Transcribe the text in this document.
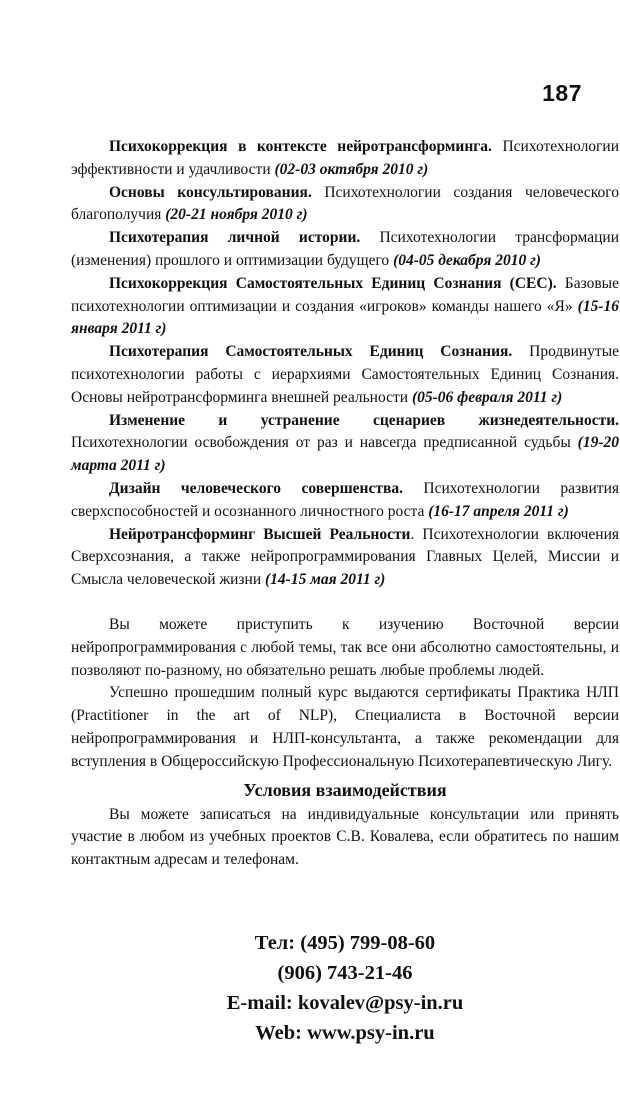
187

Психокоррекция в контексте нейротрансформинга. Психотехнологии эффективности и удачливости (02-03 октября 2010 г)

Основы консультирования. Психотехнологии создания человеческого благополучия (20-21 ноября 2010 г)

Психотерапия личной истории. Психотехнологии трансформации (изменения) прошлого и оптимизации будущего (04-05 декабря 2010 г)

Психокоррекция Самостоятельных Единиц Сознания (СЕС). Базовые психотехнологии оптимизации и создания «игроков» команды нашего «Я» (15-16 января 2011 г)

Психотерапия Самостоятельных Единиц Сознания. Продвинутые психотехнологии работы с иерархиями Самостоятельных Единиц Сознания. Основы нейротрансформинга внешней реальности (05-06 февраля 2011 г)

Изменение и устранение сценариев жизнедеятельности. Психотехнологии освобождения от раз и навсегда предписанной судьбы (19-20 марта 2011 г)

Дизайн человеческого совершенства. Психотехнологии развития сверхспособностей и осознанного личностного роста (16-17 апреля 2011 г)

Нейротрансформинг Высшей Реальности. Психотехнологии включения Сверхсознания, а также нейропрограммирования Главных Целей, Миссии и Смысла человеческой жизни (14-15 мая 2011 г)

Вы можете приступить к изучению Восточной версии нейропрограммирования с любой темы, так все они абсолютно самостоятельны, и позволяют по-разному, но обязательно решать любые проблемы людей.

Успешно прошедшим полный курс выдаются сертификаты Практика НЛП (Practitioner in the art of NLP), Специалиста в Восточной версии нейропрограммирования и НЛП-консультанта, а также рекомендации для вступления в Общероссийскую Профессиональную Психотерапевтическую Лигу.

Условия взаимодействия

Вы можете записаться на индивидуальные консультации или принять участие в любом из учебных проектов С.В. Ковалева, если обратитесь по нашим контактным адресам и телефонам.

Тел: (495) 799-08-60
(906) 743-21-46
E-mail: kovalev@psy-in.ru
Web: www.psy-in.ru
